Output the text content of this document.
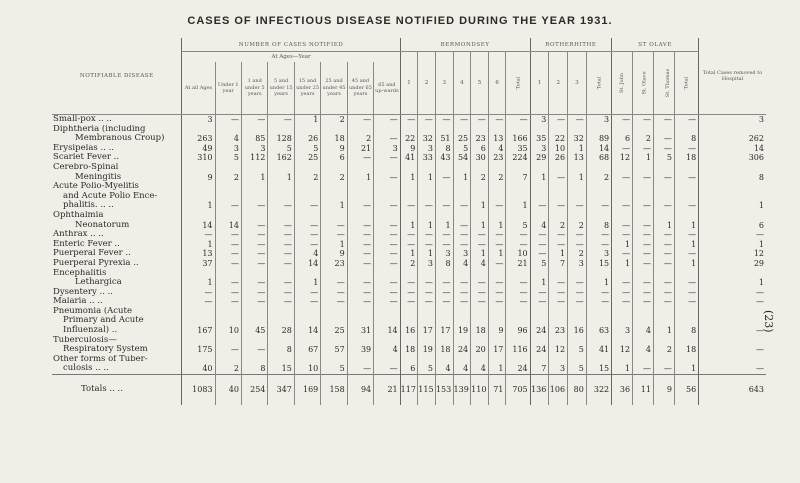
CASES OF INFECTIOUS DISEASE NOTIFIED DURING THE YEAR 1931.
(23)
NOTIFIABLE DISEASE	NUMBER OF CASES NOTIFIED								BERMONDSEY							ROTHERHITHE				ST OLAVE				Total Cases removed to Hospital
	At Ages—Year								1	2	3	4	5	6	Total	1	2	3	Total	St. John	St. Olave	St. Thomas	Total	
	At all Ages	Under 1 year	1 and under 5 years	5 and under 15 years	15 and under 25 years	25 and under 45 years	45 and under 65 years	65 and up-wards																

Small-pox .. ..	3	—	—	—	1	2	—	—	—	—	—	—	—	—	—	3	—	—	3	—	—	—	—	3

Diphtheria (including
Membranous Croup)	263	4	85	128	26	18	2	—	22	32	51	25	23	13	166	35	22	32	89	6	2	—	8	262

Erysipelas .. ..	49	3	3	5	5	9	21	3	9	3	8	5	6	4	35	3	10	1	14	—	—	—	—	14

Scarlet Fever ..	310	5	112	162	25	6	—	—	41	33	43	54	30	23	224	29	26	13	68	12	1	5	18	306

Cerebro-Spinal
Meningitis	9	2	1	1	2	2	1	—	1	1	—	1	2	2	7	1	—	1	2	—	—	—	—	8

Acute Polio-Myelitis
and Acute Polio Ence-
phalitis. .. ..	1	—	—	—	—	1	—	—	—	—	—	—	1	—	1	—	—	—	—	—	—	—	—	1

Ophthalmia
Neonatorum	14	14	—	—	—	—	—	—	1	1	1	—	1	1	5	4	2	2	8	—	—	1	1	6

Anthrax .. ..	—	—	—	—	—	—	—	—	—	—	—	—	—	—	—	—	—	—	—	—	—	—	—	—

Enteric Fever ..	1	—	—	—	—	1	—	—	—	—	—	—	—	—	—	—	—	—	—	1	—	—	1	1

Puerperal Fever ..	13	—	—	—	4	9	—	—	1	1	3	3	1	1	10	—	1	2	3	—	—	—	—	12

Puerperal Pyrexia ..	37	—	—	—	14	23	—	—	2	3	8	4	4	—	21	5	7	3	15	1	—	—	1	29

Encephalitis
Lethargica	1	—	—	—	1	—	—	—	—	—	—	—	—	—	—	1	—	—	1	—	—	—	—	1

Dysentery .. ..	—	—	—	—	—	—	—	—	—	—	—	—	—	—	—	—	—	—	—	—	—	—	—	—

Malaria .. ..	—	—	—	—	—	—	—	—	—	—	—	—	—	—	—	—	—	—	—	—	—	—	—	—

Pneumonia (Acute
Primary and Acute
Influenzal) ..	167	10	45	28	14	25	31	14	16	17	17	19	18	9	96	24	23	16	63	3	4	1	8	—

Tuberculosis—
Respiratory System	175	—	—	8	67	57	39	4	18	19	18	24	20	17	116	24	12	5	41	12	4	2	18	—

Other forms of Tuber-
culosis .. ..	40	2	8	15	10	5	—	—	6	5	4	4	4	1	24	7	3	5	15	1	—	—	1	—

Totals .. ..	1083	40	254	347	169	158	94	21	117	115	153	139	110	71	705	136	106	80	322	36	11	9	56	643
